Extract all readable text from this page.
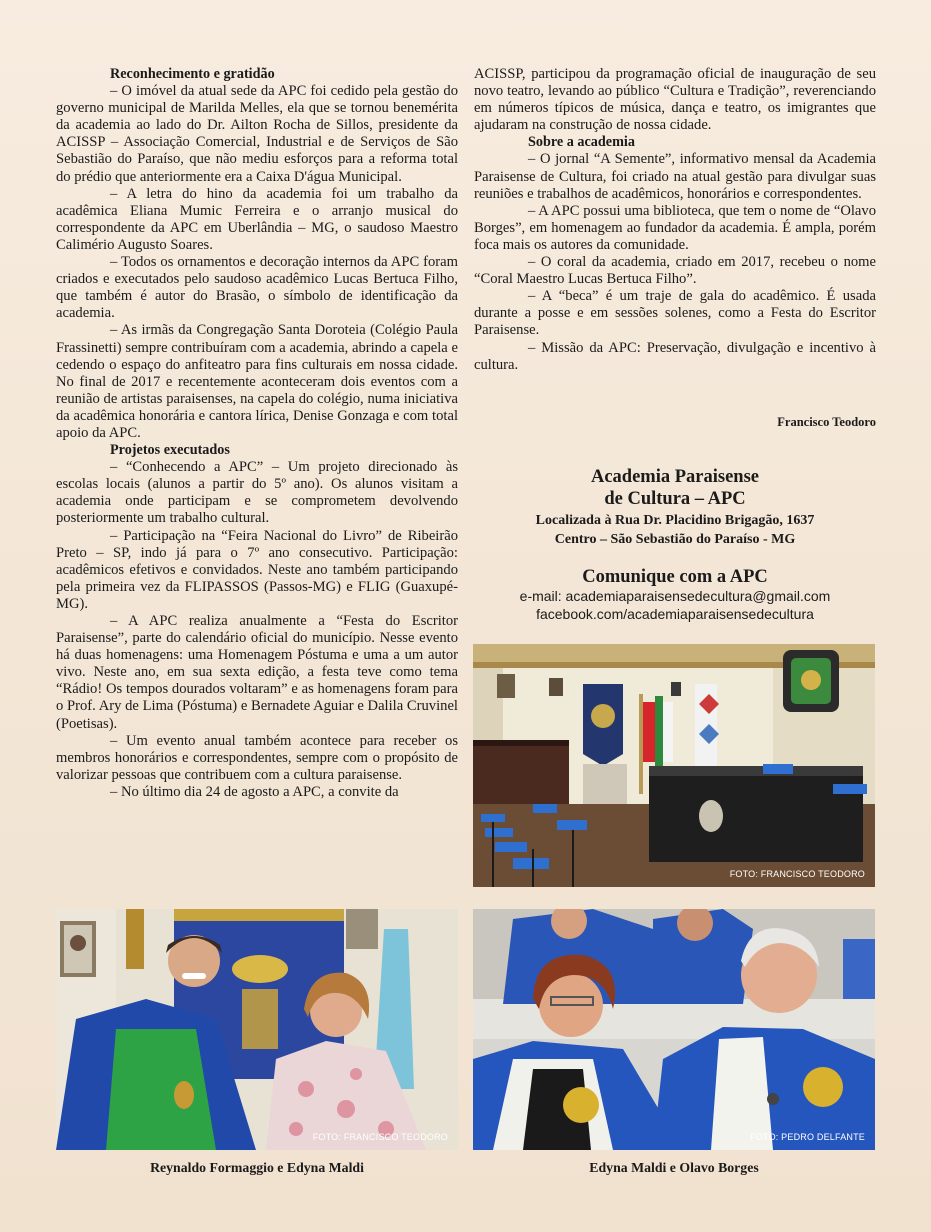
Reconhecimento e gratidão

– O imóvel da atual sede da APC foi cedido pela gestão do governo municipal de Marilda Melles, ela que se tornou benemérita da academia ao lado do Dr. Ailton Rocha de Sillos, presidente da ACISSP – Associação Comercial, Industrial e de Serviços de São Sebastião do Paraíso, que não mediu esforços para a reforma total do prédio que anteriormente era a Caixa D'água Municipal.

– A letra do hino da academia foi um trabalho da acadêmica Eliana Mumic Ferreira e o arranjo musical do correspondente da APC em Uberlândia – MG, o saudoso Maestro Calimério Augusto Soares.

– Todos os ornamentos e decoração internos da APC foram criados e executados pelo saudoso acadêmico Lucas Bertuca Filho, que também é autor do Brasão, o símbolo de identificação da academia.

– As irmãs da Congregação Santa Doroteia (Colégio Paula Frassinetti) sempre contribuíram com a academia, abrindo a capela e cedendo o espaço do anfiteatro para fins culturais em nossa cidade. No final de 2017 e recentemente aconteceram dois eventos com a reunião de artistas paraisenses, na capela do colégio, numa iniciativa da acadêmica honorária e cantora lírica, Denise Gonzaga e com total apoio da APC.

Projetos executados

– “Conhecendo a APC” – Um projeto direcionado às escolas locais (alunos a partir do 5º ano). Os alunos visitam a academia onde participam e se comprometem devolvendo posteriormente um trabalho cultural.

– Participação na “Feira Nacional do Livro” de Ribeirão Preto – SP, indo já para o 7º ano consecutivo. Participação: acadêmicos efetivos e convidados. Neste ano também participando pela primeira vez da FLIPASSOS (Passos-MG) e FLIG (Guaxupé-MG).

– A APC realiza anualmente a “Festa do Escritor Paraisense”, parte do calendário oficial do município. Nesse evento há duas homenagens: uma Homenagem Póstuma e uma a um autor vivo. Neste ano, em sua sexta edição, a festa teve como tema “Rádio! Os tempos dourados voltaram” e as homenagens foram para o Prof. Ary de Lima (Póstuma) e Bernadete Aguiar e Dalila Cruvinel (Poetisas).

– Um evento anual também acontece para receber os membros honorários e correspondentes, sempre com o propósito de valorizar pessoas que contribuem com a cultura paraisense.

– No último dia 24 de agosto a APC, a convite da

ACISSP, participou da programação oficial de inauguração de seu novo teatro, levando ao público “Cultura e Tradição”, reverenciando em números típicos de música, dança e teatro, os imigrantes que ajudaram na construção de nossa cidade.

Sobre a academia

– O jornal “A Semente”, informativo mensal da Academia Paraisense de Cultura, foi criado na atual gestão para divulgar suas reuniões e trabalhos de acadêmicos, honorários e correspondentes.

– A APC possui uma biblioteca, que tem o nome de “Olavo Borges”, em homenagem ao fundador da academia. É ampla, porém foca mais os autores da comunidade.

– O coral da academia, criado em 2017, recebeu o nome “Coral Maestro Lucas Bertuca Filho”.

– A “beca” é um traje de gala do acadêmico. É usada durante a posse e em sessões solenes, como a Festa do Escritor Paraisense.

– Missão da APC: Preservação, divulgação e incentivo à cultura.

Francisco Teodoro
Academia Paraisense
de Cultura – APC
Localizada à Rua Dr. Placidino Brigagão, 1637
Centro – São Sebastião do Paraíso - MG
Comunique com a APC
e-mail: academiaparaisensedecultura@gmail.com
facebook.com/academiaparaisensedecultura
FOTO: FRANCISCO TEODORO
FOTO: FRANCISCO TEODORO	FOTO: PEDRO DELFANTE
Reynaldo Formaggio e Edyna Maldi	Edyna Maldi e Olavo Borges
